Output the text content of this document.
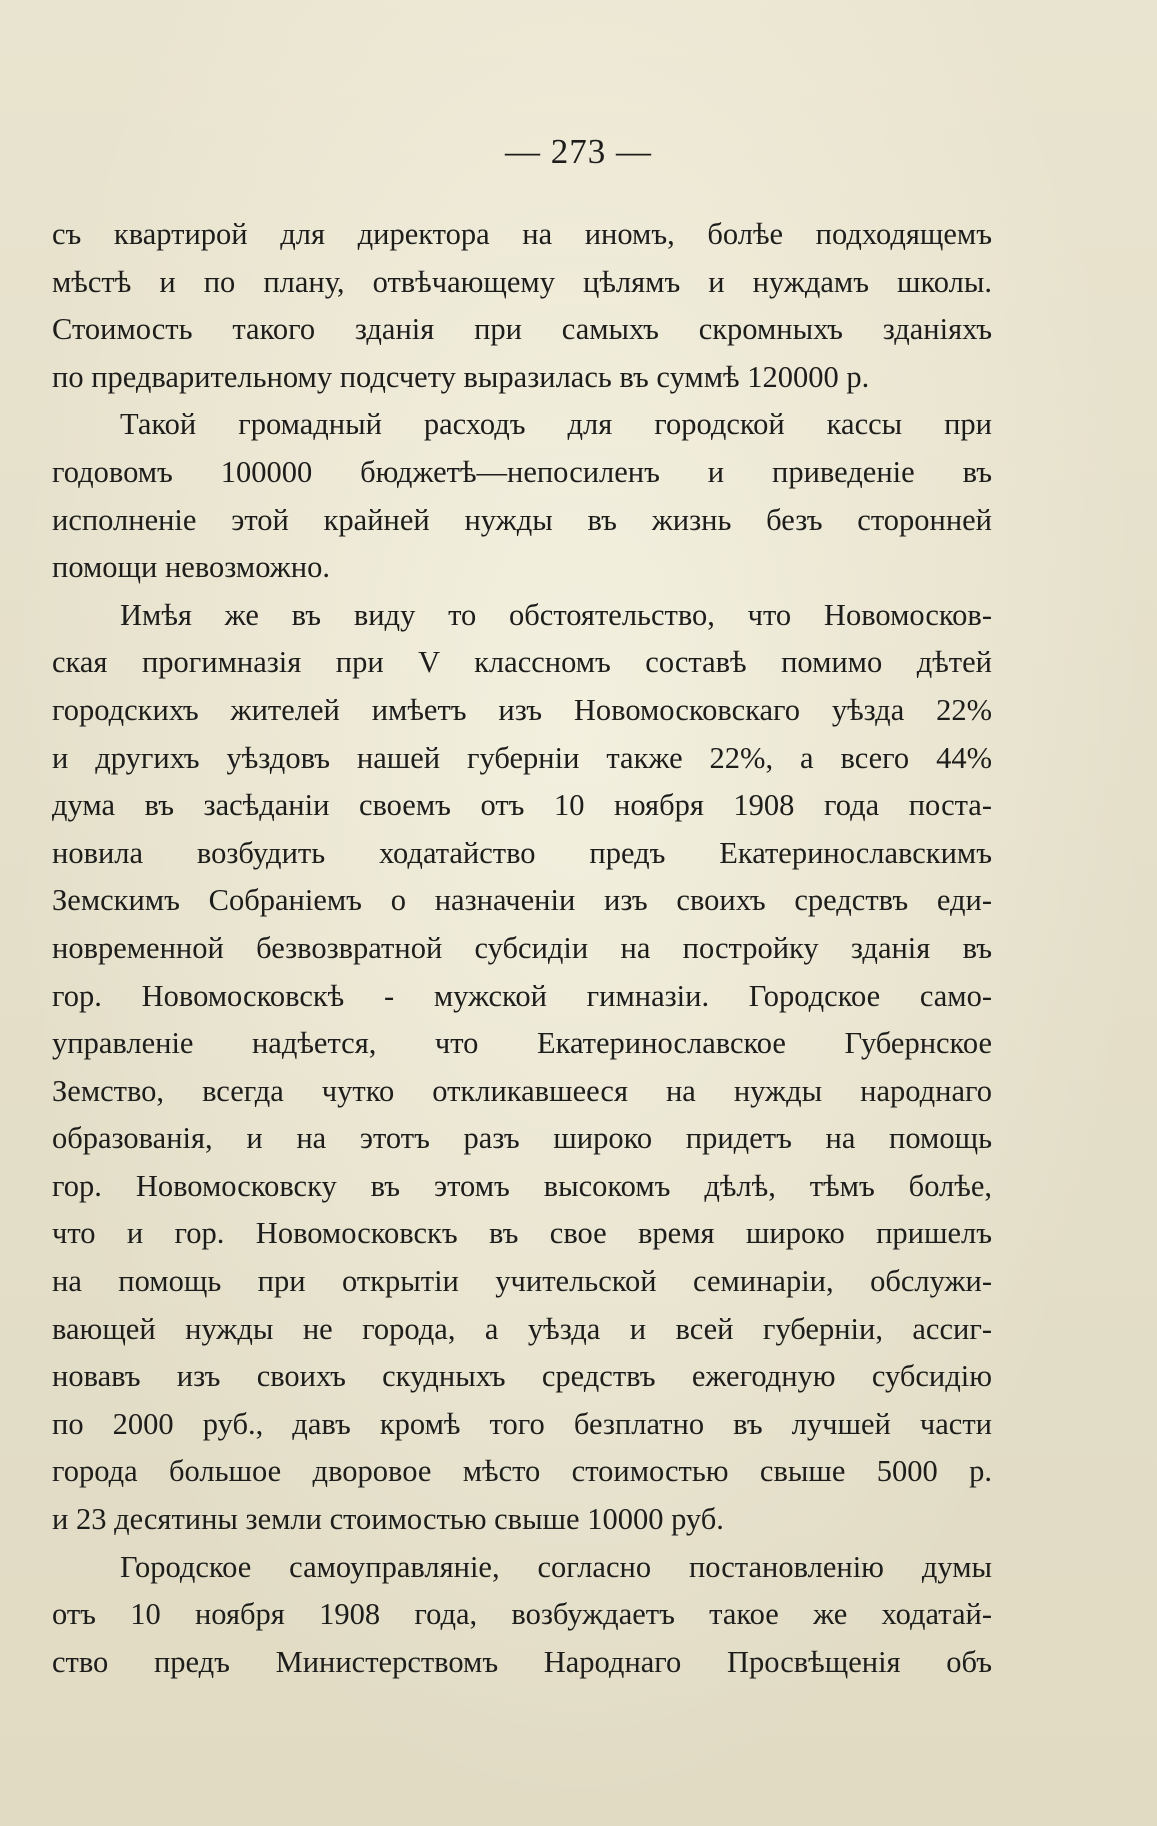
— 273 —
съ квартирой для директора на иномъ, болѣе подходящемъ
мѣстѣ и по плану, отвѣчающему цѣлямъ и нуждамъ школы.
Стоимость такого зданія при самыхъ скромныхъ зданіяхъ
по предварительному подсчету выразилась въ суммѣ 120000 р.
Такой громадный расходъ для городской кассы при
годовомъ 100000 бюджетѣ—непосиленъ и приведеніе въ
исполненіе этой крайней нужды въ жизнь безъ сторонней
помощи невозможно.
Имѣя же въ виду то обстоятельство, что Новомосков-
ская прогимназія при V классномъ составѣ помимо дѣтей
городскихъ жителей имѣетъ изъ Новомосковскаго уѣзда 22%
и другихъ уѣздовъ нашей губерніи также 22%, а всего 44%
дума въ засѣданіи своемъ отъ 10 ноября 1908 года поста-
новила возбудить ходатайство предъ Екатеринославскимъ
Земскимъ Собраніемъ о назначеніи изъ своихъ средствъ еди-
новременной безвозвратной субсидіи на постройку зданія въ
гор. Новомосковскѣ - мужской гимназіи. Городское само-
управленіе надѣется, что Екатеринославское Губернское
Земство, всегда чутко откликавшееся на нужды народнаго
образованія, и на этотъ разъ широко придетъ на помощь
гор. Новомосковску въ этомъ высокомъ дѣлѣ, тѣмъ болѣе,
что и гор. Новомосковскъ въ свое время широко пришелъ
на помощь при открытіи учительской семинаріи, обслужи-
вающей нужды не города, а уѣзда и всей губерніи, ассиг-
новавъ изъ своихъ скудныхъ средствъ ежегодную субсидію
по 2000 руб., давъ кромѣ того безплатно въ лучшей части
города большое дворовое мѣсто стоимостью свыше 5000 р.
и 23 десятины земли стоимостью свыше 10000 руб.
Городское самоуправляніе, согласно постановленію думы
отъ 10 ноября 1908 года, возбуждаетъ такое же ходатай-
ство предъ Министерствомъ Народнаго Просвѣщенія объ
